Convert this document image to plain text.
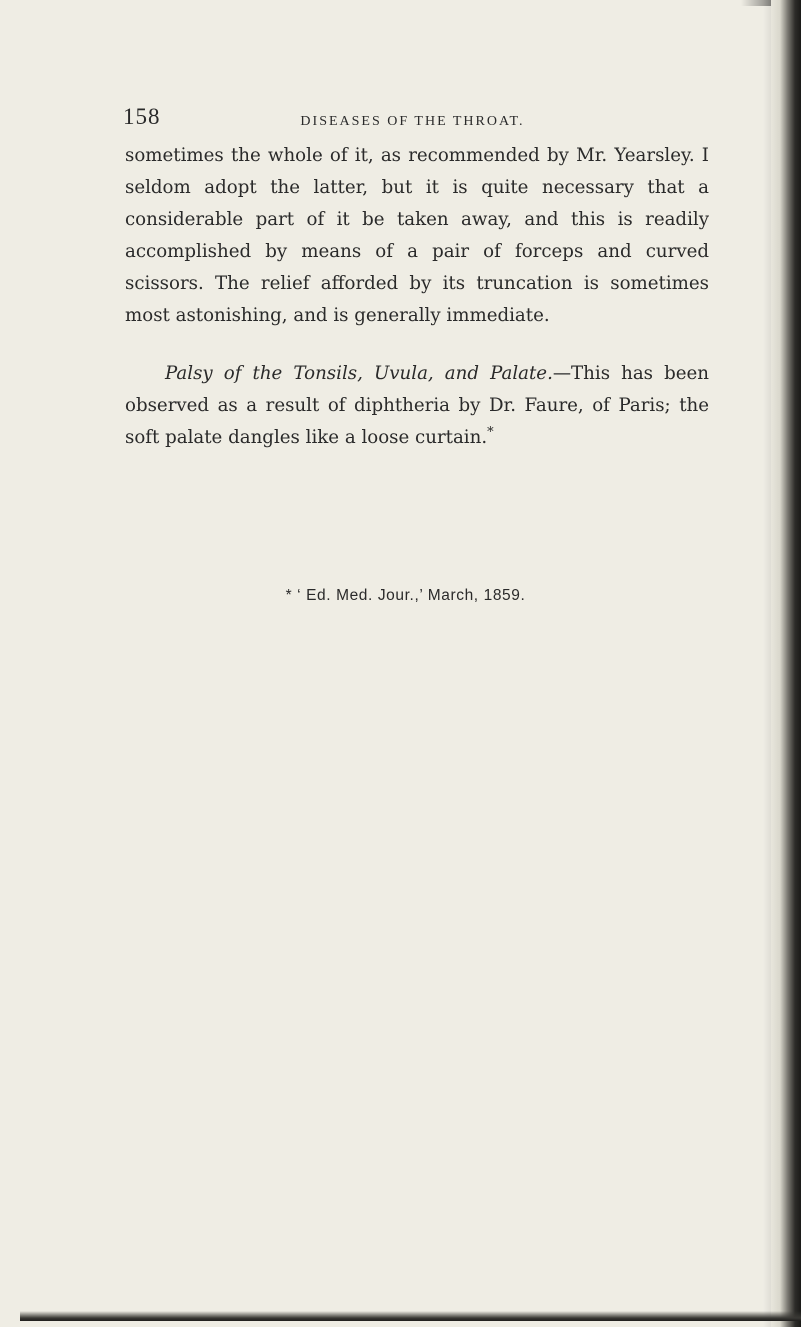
158	DISEASES OF THE THROAT.

sometimes the whole of it, as recommended by Mr. Yearsley. I seldom adopt the latter, but it is quite necessary that a considerable part of it be taken away, and this is readily accomplished by means of a pair of forceps and curved scissors. The relief afforded by its truncation is sometimes most astonishing, and is generally immediate.

Palsy of the Tonsils, Uvula, and Palate.—This has been observed as a result of diphtheria by Dr. Faure, of Paris; the soft palate dangles like a loose curtain.*

* ‘ Ed. Med. Jour.,’ March, 1859.
